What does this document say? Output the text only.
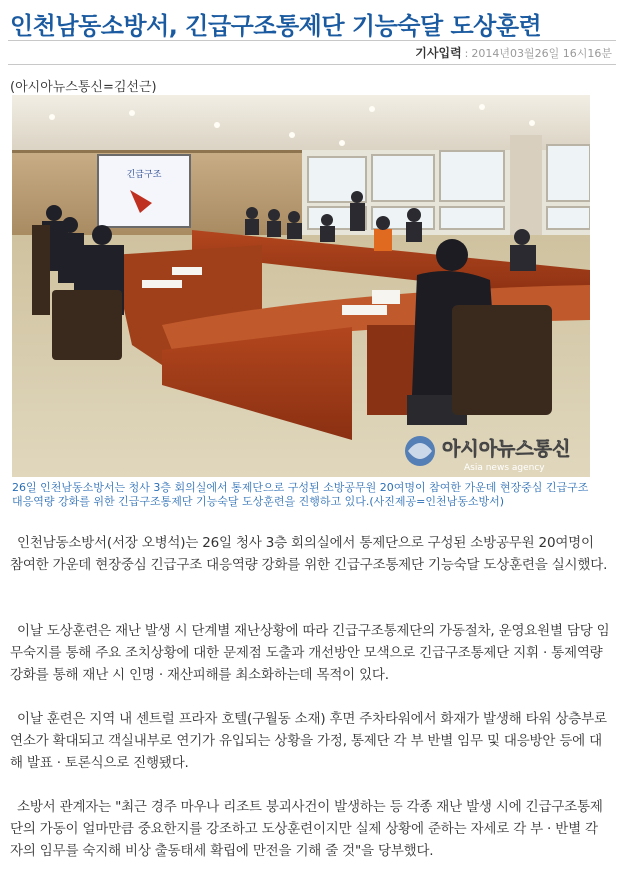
인천남동소방서, 긴급구조통제단 기능숙달 도상훈련
기사입력 : 2014년03월26일 16시16분
(아시아뉴스통신=김선근)
긴급구조
아시아뉴스통신
Asia news agency
26일 인천남동소방서는 청사 3층 회의실에서 통제단으로 구성된 소방공무원 20여명이 참여한 가운데 현장중심 긴급구조 대응역량 강화를 위한 긴급구조통제단 기능숙달 도상훈련을 진행하고 있다.(사진제공=인천남동소방서)

인천남동소방서(서장 오병석)는 26일 청사 3층 회의실에서 통제단으로 구성된 소방공무원 20여명이 참여한 가운데 현장중심 긴급구조 대응역량 강화를 위한 긴급구조통제단 기능숙달 도상훈련을 실시했다.

이날 도상훈련은 재난 발생 시 단계별 재난상황에 따라 긴급구조통제단의 가동절차, 운영요원별 담당 임무숙지를 통해 주요 조치상황에 대한 문제점 도출과 개선방안 모색으로 긴급구조통제단 지휘 · 통제역량 강화를 통해 재난 시 인명 · 재산피해를 최소화하는데 목적이 있다.

이날 훈련은 지역 내 센트럴 프라자 호텔(구월동 소재) 후면 주차타워에서 화재가 발생해 타워 상층부로 연소가 확대되고 객실내부로 연기가 유입되는 상황을 가정, 통제단 각 부 반별 임무 및 대응방안 등에 대해 발표 · 토론식으로 진행됐다.

소방서 관계자는 "최근 경주 마우나 리조트 붕괴사건이 발생하는 등 각종 재난 발생 시에 긴급구조통제단의 가동이 얼마만큼 중요한지를 강조하고 도상훈련이지만 실제 상황에 준하는 자세로 각 부 · 반별 각자의 임무를 숙지해 비상 출동태세 확립에 만전을 기해 줄 것"을 당부했다.
